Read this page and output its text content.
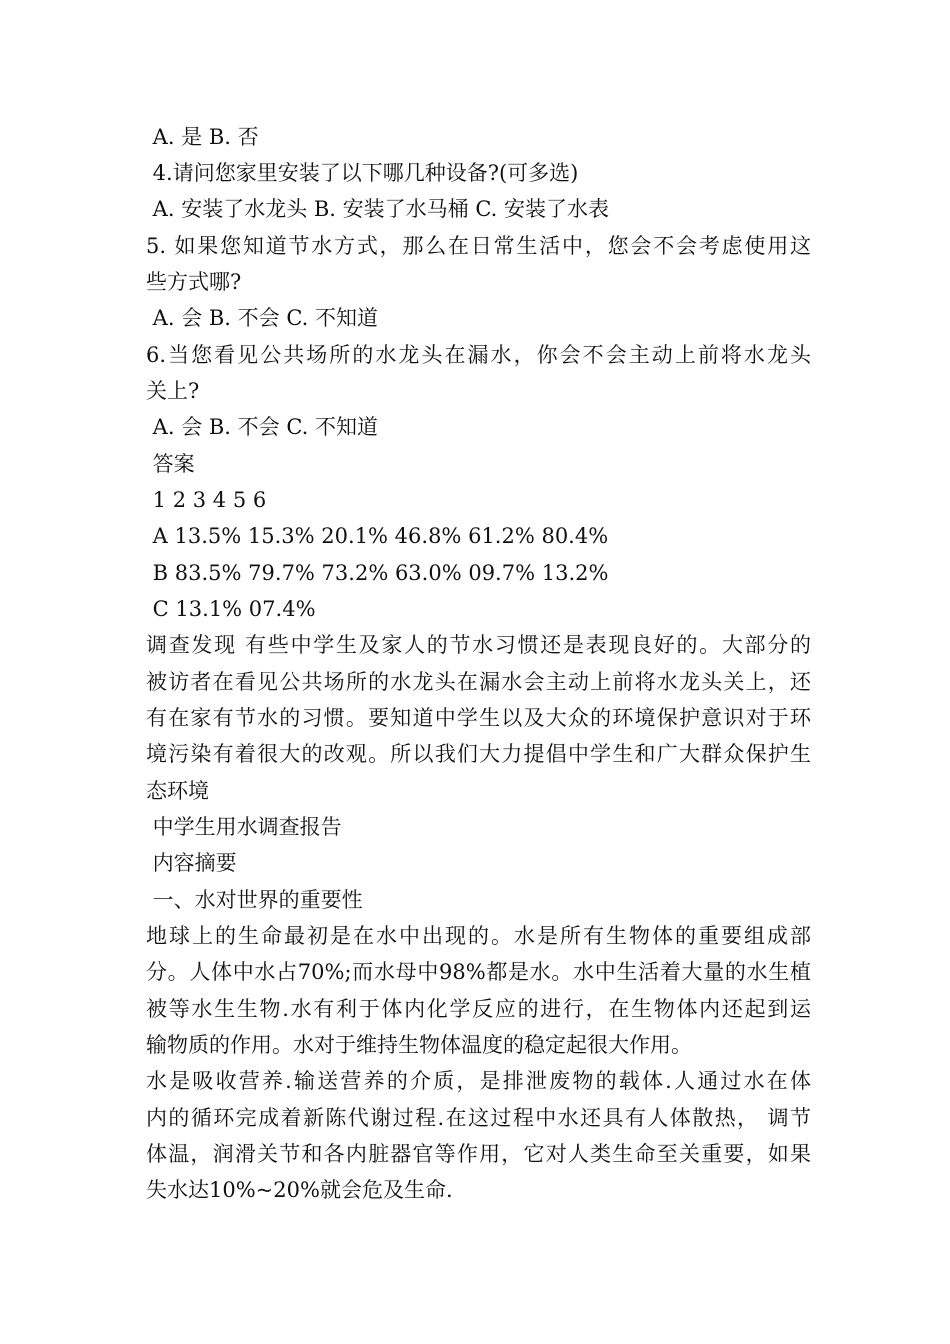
A. 是 B. 否
4.请问您家里安装了以下哪几种设备?(可多选)
A. 安装了水龙头 B. 安装了水马桶 C. 安装了水表
5. 如果您知道节水方式，那么在日常生活中，您会不会考虑使用这
些方式哪?
A. 会 B. 不会 C. 不知道
6.当您看见公共场所的水龙头在漏水，你会不会主动上前将水龙头
关上?
A. 会 B. 不会 C. 不知道
答案
1 2 3 4 5 6
A 13.5% 15.3% 20.1% 46.8% 61.2% 80.4%
B 83.5% 79.7% 73.2% 63.0% 09.7% 13.2%
C 13.1% 07.4%
调查发现 有些中学生及家人的节水习惯还是表现良好的。大部分的
被访者在看见公共场所的水龙头在漏水会主动上前将水龙头关上，还
有在家有节水的习惯。要知道中学生以及大众的环境保护意识对于环
境污染有着很大的改观。所以我们大力提倡中学生和广大群众保护生
态环境
中学生用水调查报告
内容摘要
一、水对世界的重要性
地球上的生命最初是在水中出现的。水是所有生物体的重要组成部
分。人体中水占70%;而水母中98%都是水。水中生活着大量的水生植
被等水生生物.水有利于体内化学反应的进行，在生物体内还起到运
输物质的作用。水对于维持生物体温度的稳定起很大作用。
水是吸收营养.输送营养的介质，是排泄废物的载体.人通过水在体
内的循环完成着新陈代谢过程.在这过程中水还具有人体散热， 调节
体温，润滑关节和各内脏器官等作用，它对人类生命至关重要，如果
失水达10%~20%就会危及生命.
